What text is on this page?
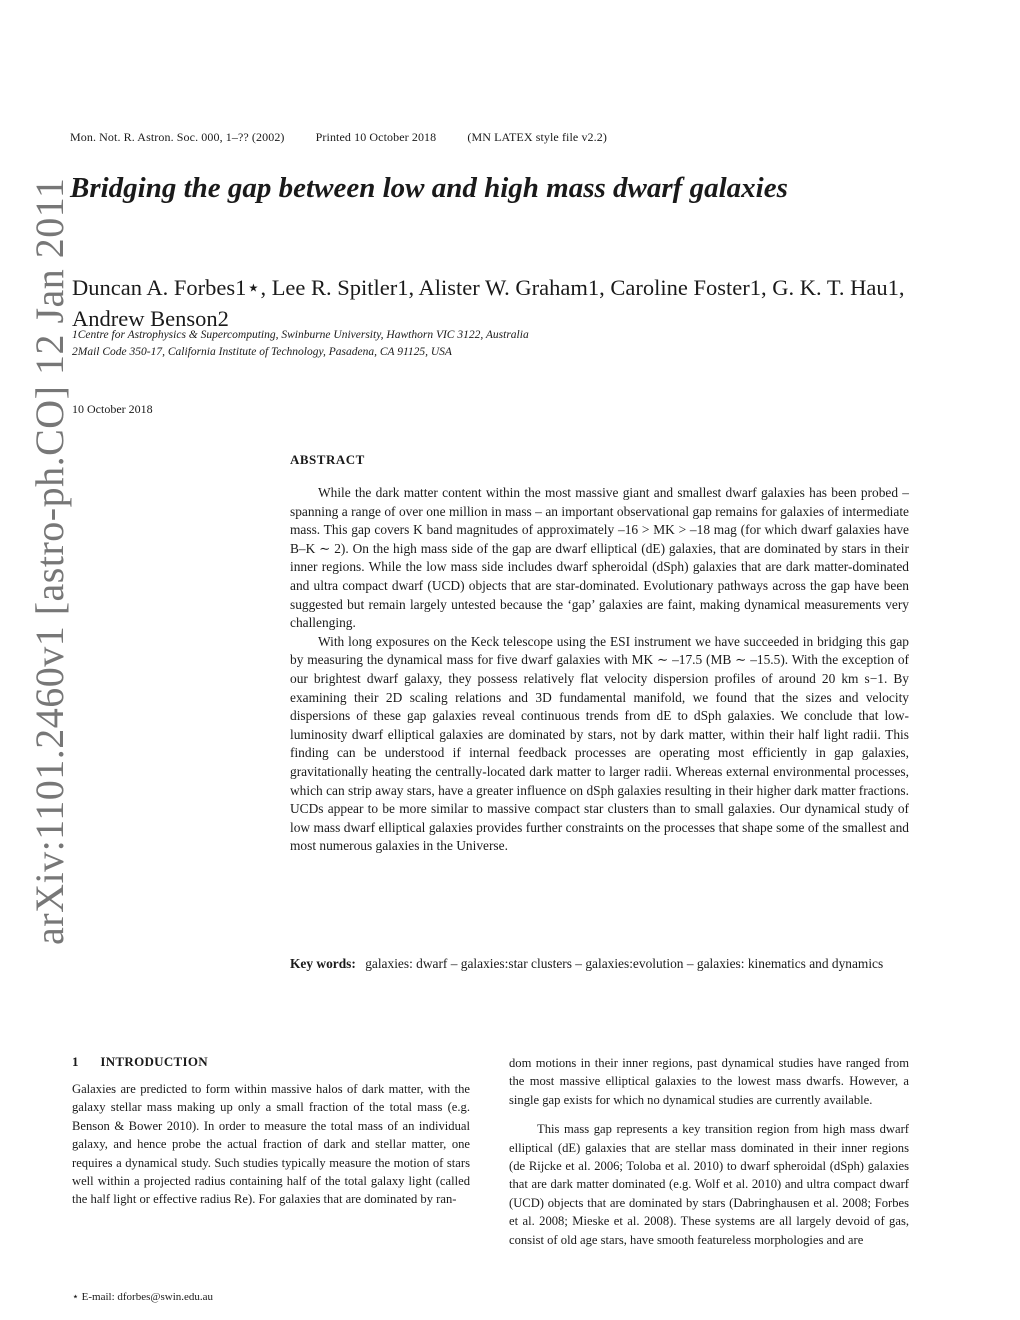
arXiv:1101.2460v1 [astro-ph.CO] 12 Jan 2011
Mon. Not. R. Astron. Soc. 000, 1–?? (2002)	Printed 10 October 2018	(MN LATEX style file v2.2)
Bridging the gap between low and high mass dwarf galaxies
Duncan A. Forbes1⋆, Lee R. Spitler1, Alister W. Graham1, Caroline Foster1, G. K. T. Hau1, Andrew Benson2
1Centre for Astrophysics & Supercomputing, Swinburne University, Hawthorn VIC 3122, Australia
2Mail Code 350-17, California Institute of Technology, Pasadena, CA 91125, USA
10 October 2018
ABSTRACT

While the dark matter content within the most massive giant and smallest dwarf galaxies has been probed – spanning a range of over one million in mass – an important observational gap remains for galaxies of intermediate mass. This gap covers K band magnitudes of approximately –16 > MK > –18 mag (for which dwarf galaxies have B–K ∼ 2). On the high mass side of the gap are dwarf elliptical (dE) galaxies, that are dominated by stars in their inner regions. While the low mass side includes dwarf spheroidal (dSph) galaxies that are dark matter-dominated and ultra compact dwarf (UCD) objects that are star-dominated. Evolutionary pathways across the gap have been suggested but remain largely untested because the ‘gap’ galaxies are faint, making dynamical measurements very challenging.

With long exposures on the Keck telescope using the ESI instrument we have succeeded in bridging this gap by measuring the dynamical mass for five dwarf galaxies with MK ∼ –17.5 (MB ∼ –15.5). With the exception of our brightest dwarf galaxy, they possess relatively flat velocity dispersion profiles of around 20 km s−1. By examining their 2D scaling relations and 3D fundamental manifold, we found that the sizes and velocity dispersions of these gap galaxies reveal continuous trends from dE to dSph galaxies. We conclude that low-luminosity dwarf elliptical galaxies are dominated by stars, not by dark matter, within their half light radii. This finding can be understood if internal feedback processes are operating most efficiently in gap galaxies, gravitationally heating the centrally-located dark matter to larger radii. Whereas external environmental processes, which can strip away stars, have a greater influence on dSph galaxies resulting in their higher dark matter fractions. UCDs appear to be more similar to massive compact star clusters than to small galaxies. Our dynamical study of low mass dwarf elliptical galaxies provides further constraints on the processes that shape some of the smallest and most numerous galaxies in the Universe.

Key words: galaxies: dwarf – galaxies:star clusters – galaxies:evolution – galaxies: kinematics and dynamics
1 INTRODUCTION

Galaxies are predicted to form within massive halos of dark matter, with the galaxy stellar mass making up only a small fraction of the total mass (e.g. Benson & Bower 2010). In order to measure the total mass of an individual galaxy, and hence probe the actual fraction of dark and stellar matter, one requires a dynamical study. Such studies typically measure the motion of stars well within a projected radius containing half of the total galaxy light (called the half light or effective radius Re). For galaxies that are dominated by ran-

dom motions in their inner regions, past dynamical studies have ranged from the most massive elliptical galaxies to the lowest mass dwarfs. However, a single gap exists for which no dynamical studies are currently available.

This mass gap represents a key transition region from high mass dwarf elliptical (dE) galaxies that are stellar mass dominated in their inner regions (de Rijcke et al. 2006; Toloba et al. 2010) to dwarf spheroidal (dSph) galaxies that are dark matter dominated (e.g. Wolf et al. 2010) and ultra compact dwarf (UCD) objects that are dominated by stars (Dabringhausen et al. 2008; Forbes et al. 2008; Mieske et al. 2008). These systems are all largely devoid of gas, consist of old age stars, have smooth featureless morphologies and are

⋆ E-mail: dforbes@swin.edu.au
